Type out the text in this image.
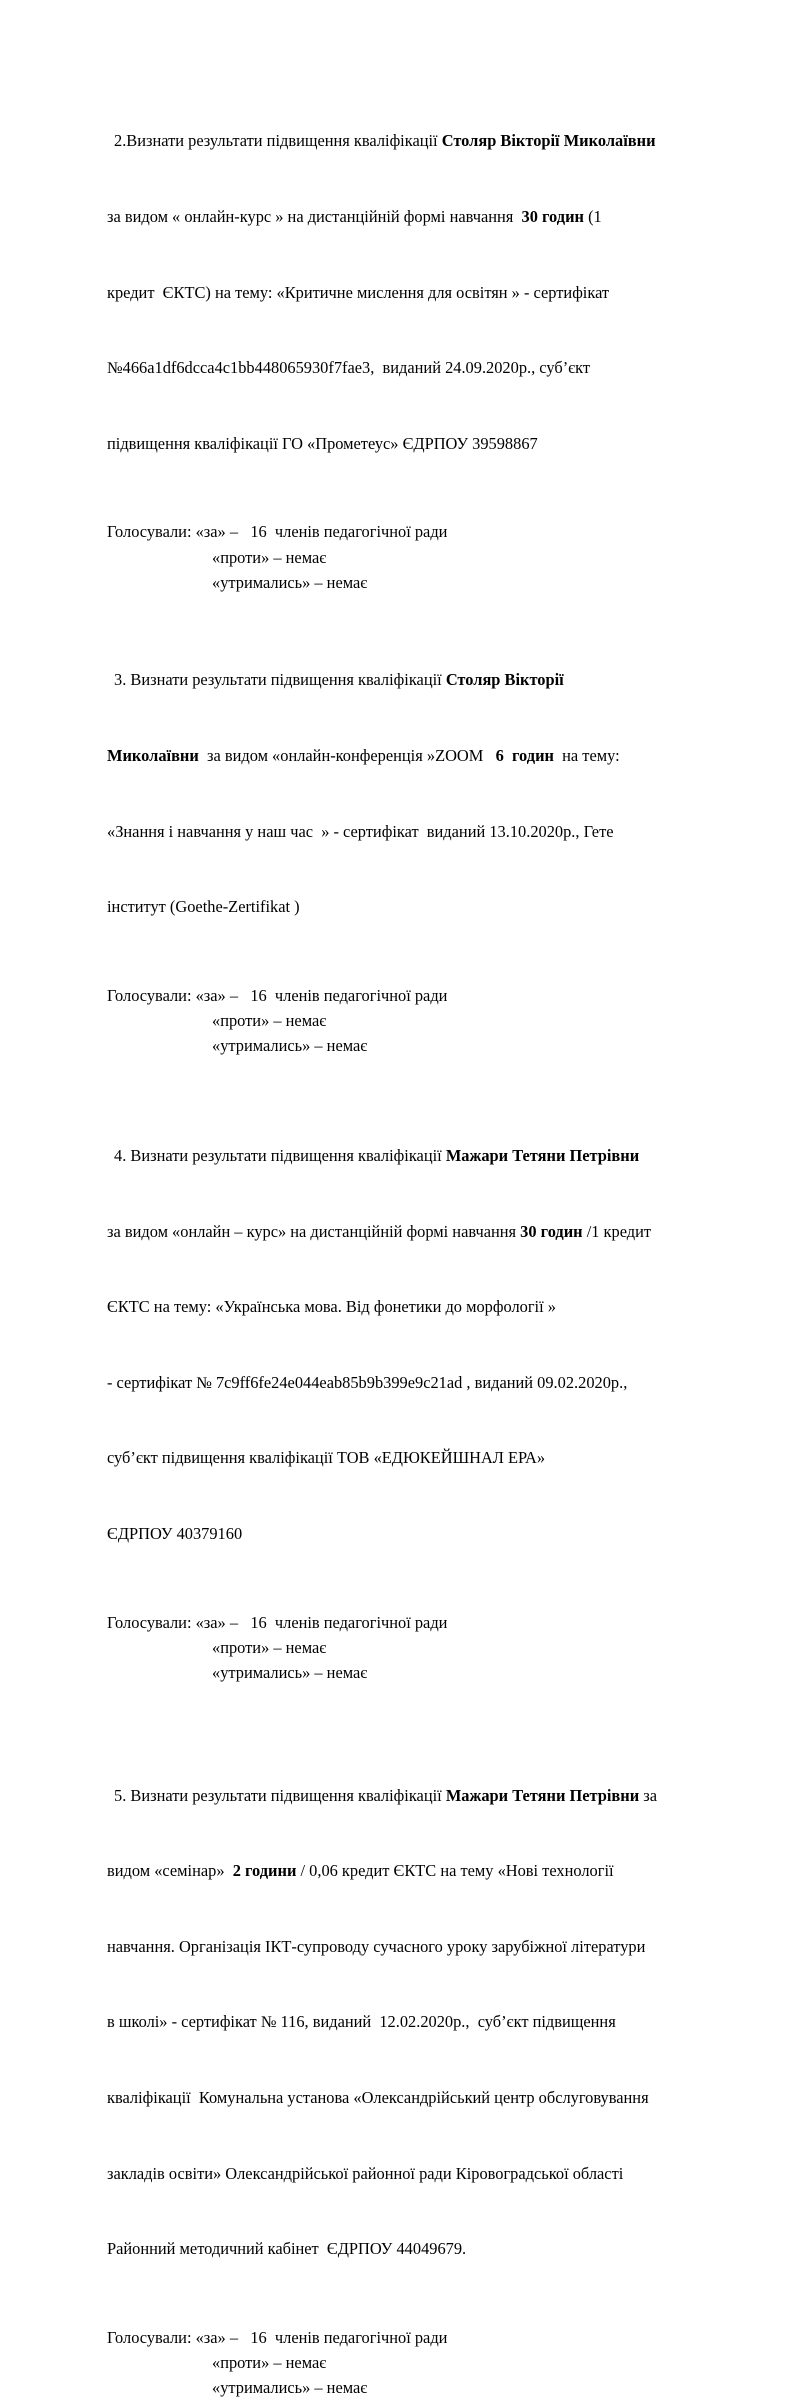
2.Визнати результати підвищення кваліфікації Столяр Вікторії Миколаївни

за видом « онлайн-курс » на дистанційній формі навчання  30 годин (1

кредит  ЄКТС) на тему: «Критичне мислення для освітян » - сертифікат

№466a1df6dcca4c1bb448065930f7fae3,  виданий 24.09.2020р., суб’єкт

підвищення кваліфікації ГО «Прометеус» ЄДРПОУ 39598867

Голосували: «за» –   16  членів педагогічної ради
«проти» – немає
«утримались» – немає

3. Визнати результати підвищення кваліфікації Столяр Вікторії

Миколаївни  за видом «онлайн-конференція »ZOOM   6  годин  на тему:

«Знання і навчання у наш час  » - сертифікат  виданий 13.10.2020р., Гете

інститут (Goethe-Zertifikat )

Голосували: «за» –   16  членів педагогічної ради
«проти» – немає
«утримались» – немає

4. Визнати результати підвищення кваліфікації Мажари Тетяни Петрівни

за видом «онлайн – курс» на дистанційній формі навчання 30 годин /1 кредит

ЄКТС на тему: «Українська мова. Від фонетики до морфології »

- сертифікат № 7c9ff6fe24e044eab85b9b399e9c21ad , виданий 09.02.2020р.,

суб’єкт підвищення кваліфікації ТОВ «ЕДЮКЕЙШНАЛ ЕРА»

ЄДРПОУ 40379160

Голосували: «за» –   16  членів педагогічної ради
«проти» – немає
«утримались» – немає

5. Визнати результати підвищення кваліфікації Мажари Тетяни Петрівни за

видом «семінар»  2 години / 0,06 кредит ЄКТС на тему «Нові технології

навчання. Організація ІКТ-супроводу сучасного уроку зарубіжної літератури

в школі» - сертифікат № 116, виданий  12.02.2020р.,  суб’єкт підвищення

кваліфікації  Комунальна установа «Олександрійський центр обслуговування

закладів освіти» Олександрійської районної ради Кіровоградської області

Районний методичний кабінет  ЄДРПОУ 44049679.

Голосували: «за» –   16  членів педагогічної ради
«проти» – немає
«утримались» – немає
